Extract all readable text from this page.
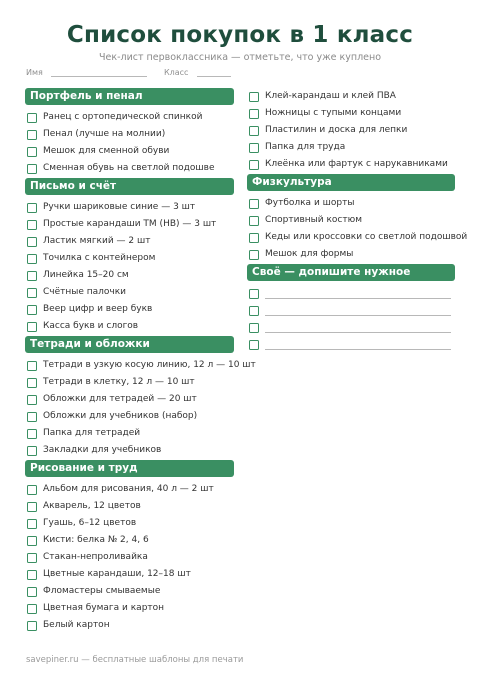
Список покупок в 1 класс
Чек-лист первоклассника — отметьте, что уже куплено
Имя	Класс
Портфель и пенал
Ранец с ортопедической спинкой
Пенал (лучше на молнии)
Мешок для сменной обуви
Сменная обувь на светлой подошве
Письмо и счёт
Ручки шариковые синие — 3 шт
Простые карандаши ТМ (HB) — 3 шт
Ластик мягкий — 2 шт
Точилка с контейнером
Линейка 15–20 см
Счётные палочки
Веер цифр и веер букв
Касса букв и слогов
Тетради и обложки
Тетради в узкую косую линию, 12 л — 10 шт
Тетради в клетку, 12 л — 10 шт
Обложки для тетрадей — 20 шт
Обложки для учебников (набор)
Папка для тетрадей
Закладки для учебников
Рисование и труд
Альбом для рисования, 40 л — 2 шт
Акварель, 12 цветов
Гуашь, 6–12 цветов
Кисти: белка № 2, 4, 6
Стакан-непроливайка
Цветные карандаши, 12–18 шт
Фломастеры смываемые
Цветная бумага и картон
Белый картон
Клей-карандаш и клей ПВА
Ножницы с тупыми концами
Пластилин и доска для лепки
Папка для труда
Клеёнка или фартук с нарукавниками
Физкультура
Футболка и шорты
Спортивный костюм
Кеды или кроссовки со светлой подошвой
Мешок для формы
Своё — допишите нужное
savepiner.ru — бесплатные шаблоны для печати
